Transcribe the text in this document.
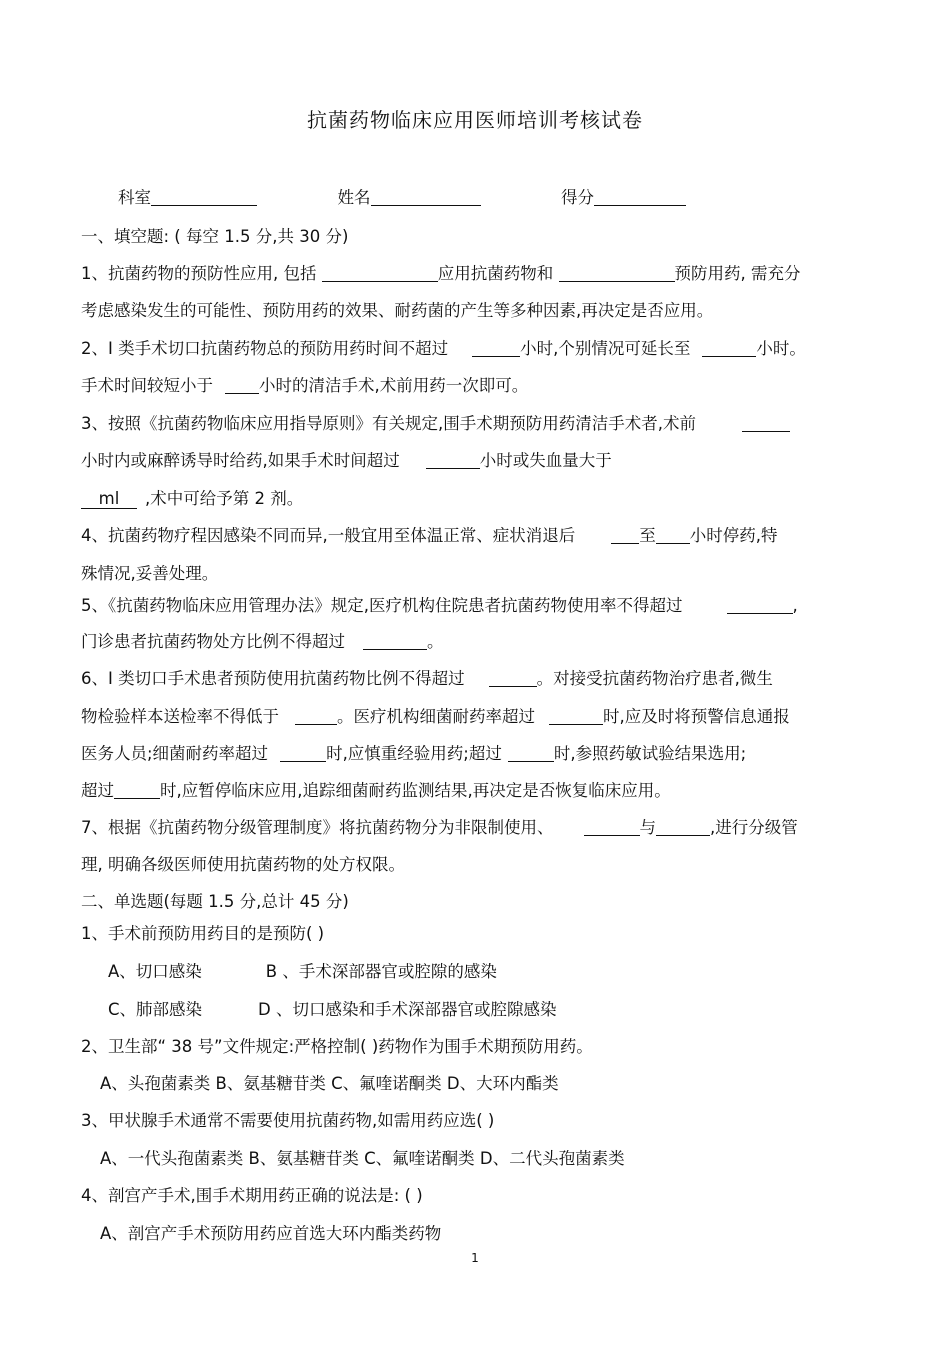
抗菌药物临床应用医师培训考核试卷
科室	姓名	得分
一、填空题: ( 每空 1.5 分,共 30 分)
1、抗菌药物的预防性应用, 包括	应用抗菌药物和	预防用药, 需充分
考虑感染发生的可能性、预防用药的效果、耐药菌的产生等多种因素,再决定是否应用。
2、I 类手术切口抗菌药物总的预防用药时间不超过	小时,个别情况可延长至	小时。
手术时间较短小于	小时的清洁手术,术前用药一次即可。
3、按照《抗菌药物临床应用指导原则》有关规定,围手术期预防用药清洁手术者,术前
小时内或麻醉诱导时给药,如果手术时间超过	小时或失血量大于
ml ,术中可给予第 2 剂。
4、抗菌药物疗程因感染不同而异,一般宜用至体温正常、症状消退后	至 小时停药,特
殊情况,妥善处理。
5、《抗菌药物临床应用管理办法》规定,医疗机构住院患者抗菌药物使用率不得超过	,
门诊患者抗菌药物处方比例不得超过	。
6、I 类切口手术患者预防使用抗菌药物比例不得超过	。对接受抗菌药物治疗患者,微生
物检验样本送检率不得低于	。医疗机构细菌耐药率超过	时,应及时将预警信息通报
医务人员;细菌耐药率超过	时,应慎重经验用药;超过	时,参照药敏试验结果选用;
超过	时,应暂停临床应用,追踪细菌耐药监测结果,再决定是否恢复临床应用。
7、根据《抗菌药物分级管理制度》将抗菌药物分为非限制使用、	与	,进行分级管
理, 明确各级医师使用抗菌药物的处方权限。
二、单选题(每题 1.5 分,总计 45 分)
1、手术前预防用药目的是预防( )
A、切口感染	B 、手术深部器官或腔隙的感染
C、肺部感染	D 、切口感染和手术深部器官或腔隙感染
2、卫生部“ 38 号”文件规定:严格控制( )药物作为围手术期预防用药。
A、头孢菌素类 B、氨基糖苷类 C、氟喹诺酮类 D、大环内酯类
3、甲状腺手术通常不需要使用抗菌药物,如需用药应选( )
A、一代头孢菌素类 B、氨基糖苷类 C、氟喹诺酮类 D、二代头孢菌素类
4、剖宫产手术,围手术期用药正确的说法是: ( )
A、剖宫产手术预防用药应首选大环内酯类药物
1
